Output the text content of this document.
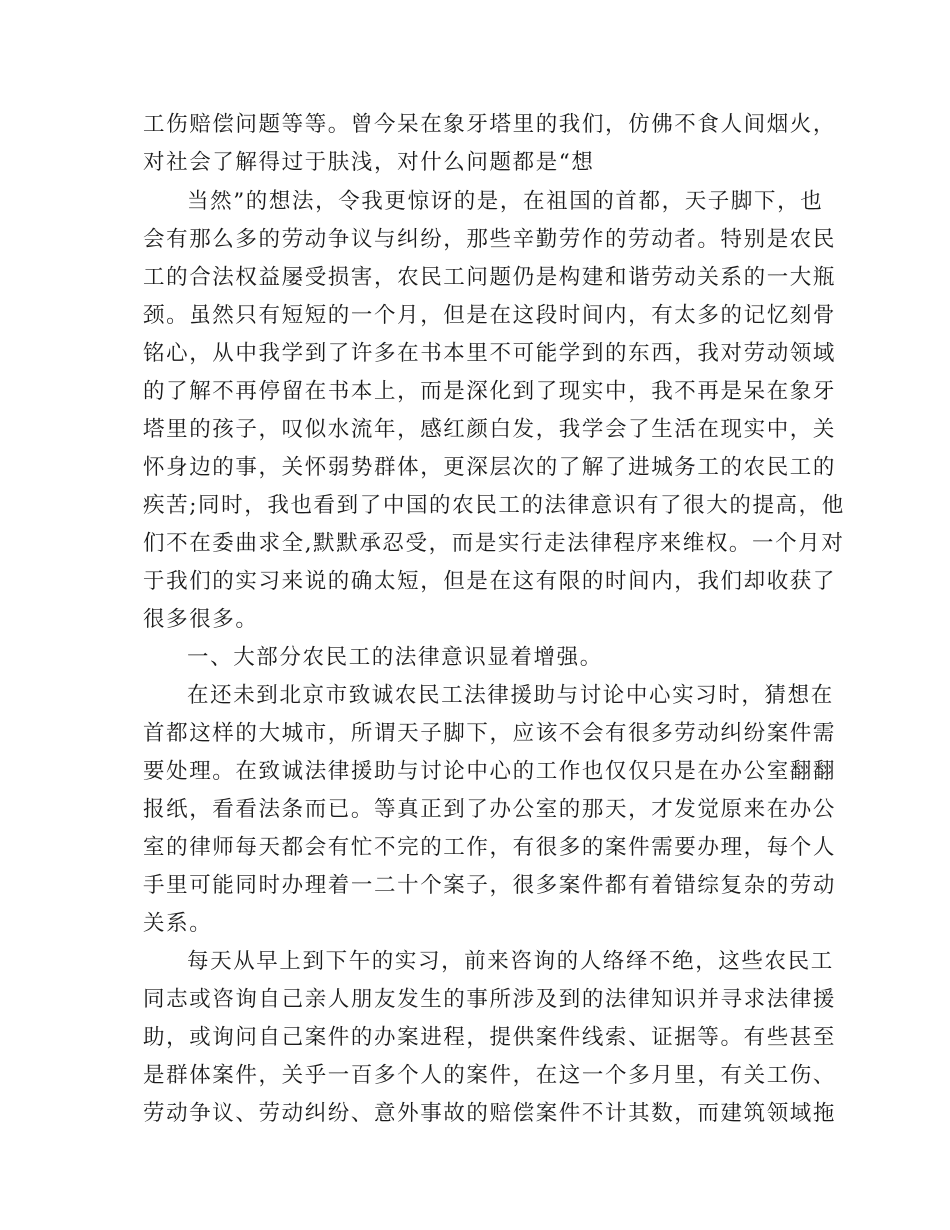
工伤赔偿问题等等。曾今呆在象牙塔里的我们，仿佛不食人间烟火，
对社会了解得过于肤浅，对什么问题都是“想
当然”的想法，令我更惊讶的是，在祖国的首都，天子脚下，也
会有那么多的劳动争议与纠纷，那些辛勤劳作的劳动者。特别是农民
工的合法权益屡受损害，农民工问题仍是构建和谐劳动关系的一大瓶
颈。虽然只有短短的一个月，但是在这段时间内，有太多的记忆刻骨
铭心，从中我学到了许多在书本里不可能学到的东西，我对劳动领域
的了解不再停留在书本上，而是深化到了现实中，我不再是呆在象牙
塔里的孩子，叹似水流年，感红颜白发，我学会了生活在现实中，关
怀身边的事，关怀弱势群体，更深层次的了解了进城务工的农民工的
疾苦;同时，我也看到了中国的农民工的法律意识有了很大的提高，他
们不在委曲求全,默默承忍受，而是实行走法律程序来维权。一个月对
于我们的实习来说的确太短，但是在这有限的时间内，我们却收获了
很多很多。
一、大部分农民工的法律意识显着增强。
在还未到北京市致诚农民工法律援助与讨论中心实习时，猜想在
首都这样的大城市，所谓天子脚下，应该不会有很多劳动纠纷案件需
要处理。在致诚法律援助与讨论中心的工作也仅仅只是在办公室翻翻
报纸，看看法条而已。等真正到了办公室的那天，才发觉原来在办公
室的律师每天都会有忙不完的工作，有很多的案件需要办理，每个人
手里可能同时办理着一二十个案子，很多案件都有着错综复杂的劳动
关系。
每天从早上到下午的实习，前来咨询的人络绎不绝，这些农民工
同志或咨询自己亲人朋友发生的事所涉及到的法律知识并寻求法律援
助，或询问自己案件的办案进程，提供案件线索、证据等。有些甚至
是群体案件，关乎一百多个人的案件，在这一个多月里，有关工伤、
劳动争议、劳动纠纷、意外事故的赔偿案件不计其数，而建筑领域拖
